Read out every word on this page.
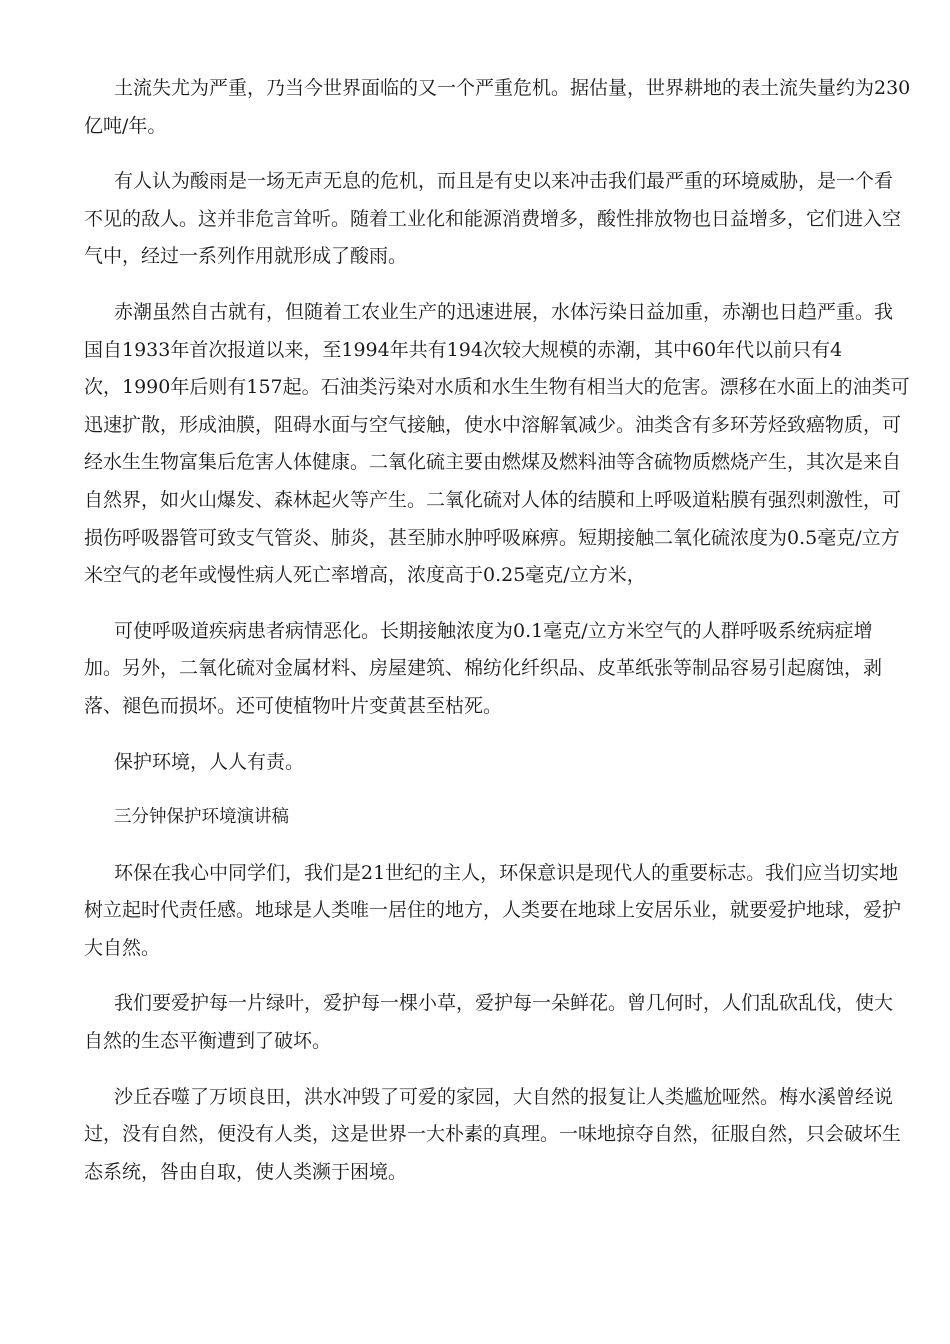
土流失尤为严重，乃当今世界面临的又一个严重危机。据估量，世界耕地的表土流失量约为230
亿吨/年。
有人认为酸雨是一场无声无息的危机，而且是有史以来冲击我们最严重的环境威胁，是一个看
不见的敌人。这并非危言耸听。随着工业化和能源消费增多，酸性排放物也日益增多，它们进入空
气中，经过一系列作用就形成了酸雨。
赤潮虽然自古就有，但随着工农业生产的迅速进展，水体污染日益加重，赤潮也日趋严重。我
国自1933年首次报道以来，至1994年共有194次较大规模的赤潮，其中60年代以前只有4
次，1990年后则有157起。石油类污染对水质和水生生物有相当大的危害。漂移在水面上的油类可
迅速扩散，形成油膜，阻碍水面与空气接触，使水中溶解氧减少。油类含有多环芳烃致癌物质，可
经水生生物富集后危害人体健康。二氧化硫主要由燃煤及燃料油等含硫物质燃烧产生，其次是来自
自然界，如火山爆发、森林起火等产生。二氧化硫对人体的结膜和上呼吸道粘膜有强烈刺激性，可
损伤呼吸器管可致支气管炎、肺炎，甚至肺水肿呼吸麻痹。短期接触二氧化硫浓度为0.5毫克/立方
米空气的老年或慢性病人死亡率增高，浓度高于0.25毫克/立方米，
可使呼吸道疾病患者病情恶化。长期接触浓度为0.1毫克/立方米空气的人群呼吸系统病症增
加。另外，二氧化硫对金属材料、房屋建筑、棉纺化纤织品、皮革纸张等制品容易引起腐蚀，剥
落、褪色而损坏。还可使植物叶片变黄甚至枯死。
保护环境，人人有责。
三分钟保护环境演讲稿
环保在我心中同学们，我们是21世纪的主人，环保意识是现代人的重要标志。我们应当切实地
树立起时代责任感。地球是人类唯一居住的地方，人类要在地球上安居乐业，就要爱护地球，爱护
大自然。
我们要爱护每一片绿叶，爱护每一棵小草，爱护每一朵鲜花。曾几何时，人们乱砍乱伐，使大
自然的生态平衡遭到了破坏。
沙丘吞噬了万顷良田，洪水冲毁了可爱的家园，大自然的报复让人类尴尬哑然。梅水溪曾经说
过，没有自然，便没有人类，这是世界一大朴素的真理。一味地掠夺自然，征服自然，只会破坏生
态系统，咎由自取，使人类濒于困境。
